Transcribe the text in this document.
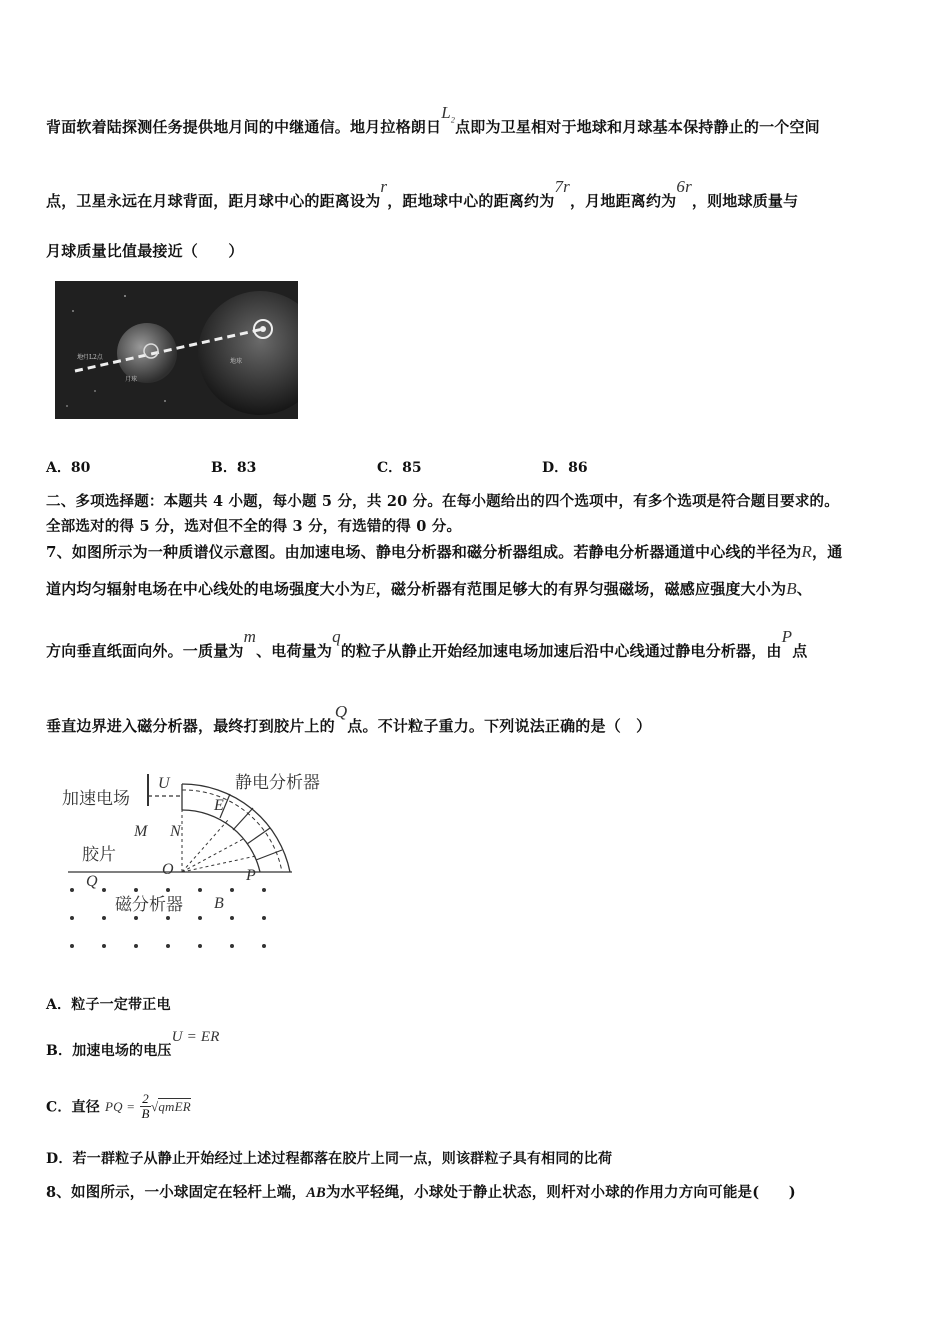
背面软着陆探测任务提供地月间的中继通信。地月拉格朗日$L_2$点即为卫星相对于地球和月球基本保持静止的一个空间
点，卫星永远在月球背面，距月球中心的距离设为r，距地球中心的距离约为7r，月地距离约为6r，则地球质量与
月球质量比值最接近（　　）
地月L2点
月球
地球
A．80	B．83	C．85	D．86
二、多项选择题：本题共 4 小题，每小题 5 分，共 20 分。在每小题给出的四个选项中，有多个选项是符合题目要求的。
全部选对的得 5 分，选对但不全的得 3 分，有选错的得 0 分。
7、如图所示为一种质谱仪示意图。由加速电场、静电分析器和磁分析器组成。若静电分析器通道中心线的半径为R，通
道内均匀辐射电场在中心线处的电场强度大小为E，磁分析器有范围足够大的有界匀强磁场，磁感应强度大小为B、
方向垂直纸面向外。一质量为m、电荷量为q的粒子从静止开始经加速电场加速后沿中心线通过静电分析器，由P点
垂直边界进入磁分析器，最终打到胶片上的Q点。不计粒子重力。下列说法正确的是（　）
加速电场
静电分析器
胶片
磁分析器
U
M N
E
O	P
Q
B
A．粒子一定带正电
B．加速电场的电压U = ER
C．直径 PQ = $\frac{2}{B}$ √qmER
D．若一群粒子从静止开始经过上述过程都落在胶片上同一点，则该群粒子具有相同的比荷
8、如图所示，一小球固定在轻杆上端，AB为水平轻绳，小球处于静止状态，则杆对小球的作用力方向可能是(　　)
